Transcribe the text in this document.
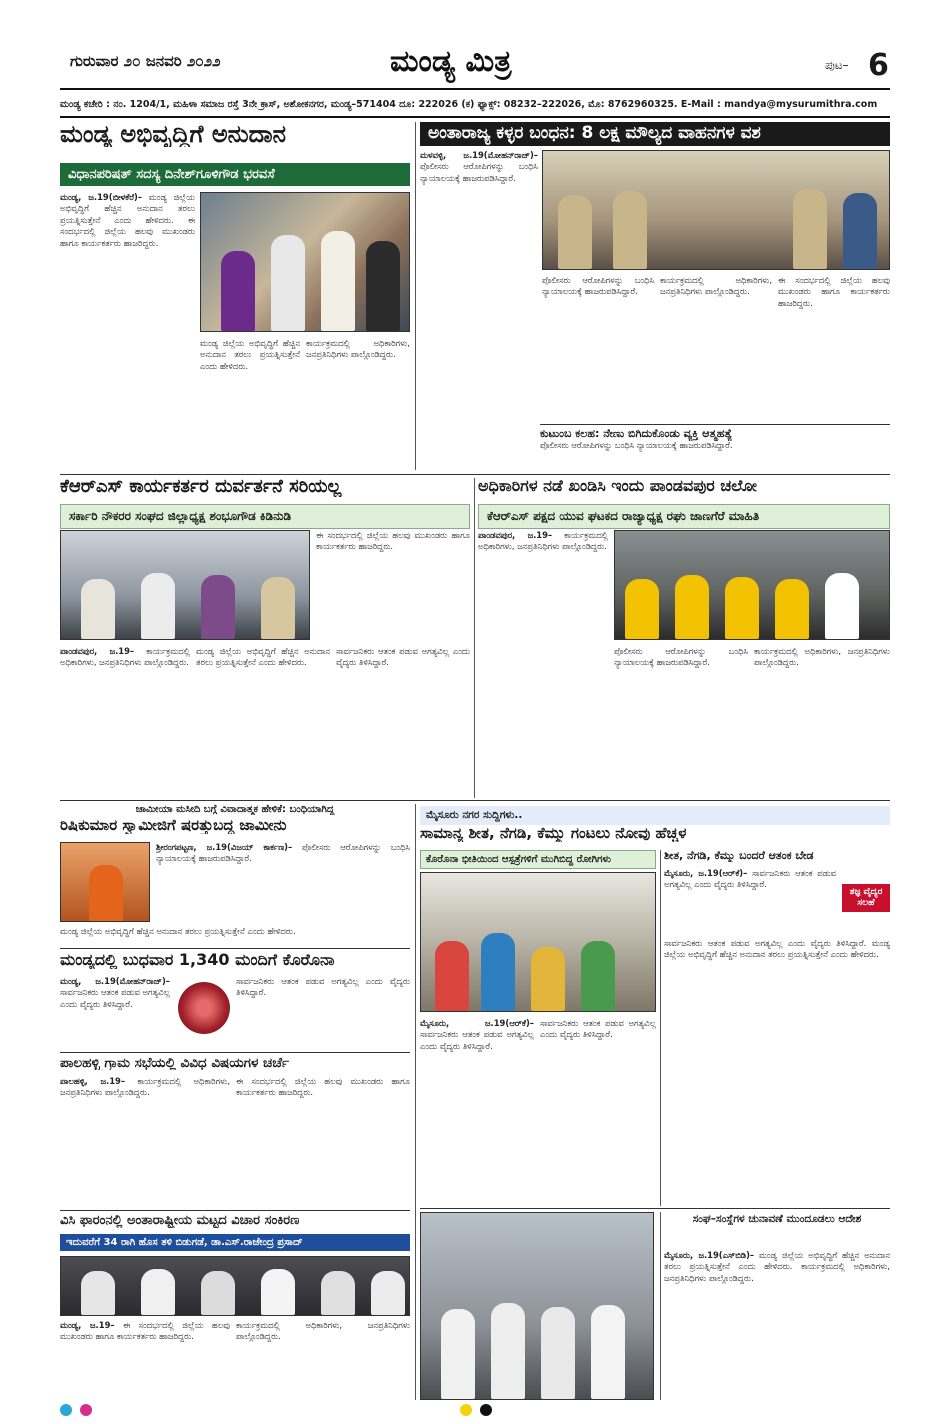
ಗುರುವಾರ ೨೦ ಜನವರಿ ೨೦೨೨	ಮಂಡ್ಯ ಮಿತ್ರ	ಪುಟ– 6
ಮಂಡ್ಯ ಕಚೇರಿ : ನಂ. 1204/1, ಮಹಿಳಾ ಸಮಾಜ ರಸ್ತೆ 3ನೇ ಕ್ರಾಸ್, ಅಶೋಕನಗರ, ಮಂಡ್ಯ–571404 ದೂ: 222026 (ಕ) ಫ್ಯಾಕ್ಸ್: 08232–222026, ಮೊ: 8762960325. E-Mail : mandya@mysurumithra.com
ಮಂಡ್ಯ ಅಭಿವೃದ್ಧಿಗೆ ಅನುದಾನ
ವಿಧಾನಪರಿಷತ್ ಸದಸ್ಯ ದಿನೇಶ್‌ಗೂಳಿಗೌಡ ಭರವಸೆ
ಮಂಡ್ಯ, ಜ.19(ಬೀಳಕೆರೆ)– ಮಂಡ್ಯ ಜಿಲ್ಲೆಯ ಅಭಿವೃದ್ಧಿಗೆ ಹೆಚ್ಚಿನ ಅನುದಾನ ತರಲು ಪ್ರಯತ್ನಿಸುತ್ತೇನೆ ಎಂದು ಹೇಳಿದರು. ಈ ಸಂದರ್ಭದಲ್ಲಿ ಜಿಲ್ಲೆಯ ಹಲವು ಮುಖಂಡರು ಹಾಗೂ ಕಾರ್ಯಕರ್ತರು ಹಾಜರಿದ್ದರು.
ಮಂಡ್ಯ ಜಿಲ್ಲೆಯ ಅಭಿವೃದ್ಧಿಗೆ ಹೆಚ್ಚಿನ ಅನುದಾನ ತರಲು ಪ್ರಯತ್ನಿಸುತ್ತೇನೆ ಎಂದು ಹೇಳಿದರು.
ಕಾರ್ಯಕ್ರಮದಲ್ಲಿ ಅಧಿಕಾರಿಗಳು, ಜನಪ್ರತಿನಿಧಿಗಳು ಪಾಲ್ಗೊಂಡಿದ್ದರು.
ಅಂತಾರಾಜ್ಯ ಕಳ್ಳರ ಬಂಧನ: 8 ಲಕ್ಷ ಮೌಲ್ಯದ ವಾಹನಗಳ ವಶ
ಮಳವಳ್ಳಿ, ಜ.19(ಮೋಹನ್‌ರಾಜ್)– ಪೊಲೀಸರು ಆರೋಪಿಗಳನ್ನು ಬಂಧಿಸಿ ನ್ಯಾಯಾಲಯಕ್ಕೆ ಹಾಜರುಪಡಿಸಿದ್ದಾರೆ.
ಪೊಲೀಸರು ಆರೋಪಿಗಳನ್ನು ಬಂಧಿಸಿ ನ್ಯಾಯಾಲಯಕ್ಕೆ ಹಾಜರುಪಡಿಸಿದ್ದಾರೆ.
ಕಾರ್ಯಕ್ರಮದಲ್ಲಿ ಅಧಿಕಾರಿಗಳು, ಜನಪ್ರತಿನಿಧಿಗಳು ಪಾಲ್ಗೊಂಡಿದ್ದರು.
ಈ ಸಂದರ್ಭದಲ್ಲಿ ಜಿಲ್ಲೆಯ ಹಲವು ಮುಖಂಡರು ಹಾಗೂ ಕಾರ್ಯಕರ್ತರು ಹಾಜರಿದ್ದರು.
ಕುಟುಂಬ ಕಲಹ: ನೇಣು ಬಿಗಿದುಕೊಂಡು ವ್ಯಕ್ತಿ ಆತ್ಮಹತ್ಯೆ
ಪೊಲೀಸರು ಆರೋಪಿಗಳನ್ನು ಬಂಧಿಸಿ ನ್ಯಾಯಾಲಯಕ್ಕೆ ಹಾಜರುಪಡಿಸಿದ್ದಾರೆ.
ಕೆಆರ್‌ಎಸ್ ಕಾರ್ಯಕರ್ತರ ದುರ್ವರ್ತನೆ ಸರಿಯಲ್ಲ
ಸರ್ಕಾರಿ ನೌಕರರ ಸಂಘದ ಜಿಲ್ಲಾಧ್ಯಕ್ಷ ಶಂಭೂಗೌಡ ಕಿಡಿನುಡಿ
ಈ ಸಂದರ್ಭದಲ್ಲಿ ಜಿಲ್ಲೆಯ ಹಲವು ಮುಖಂಡರು ಹಾಗೂ ಕಾರ್ಯಕರ್ತರು ಹಾಜರಿದ್ದರು.
ಪಾಂಡವಪುರ, ಜ.19– ಕಾರ್ಯಕ್ರಮದಲ್ಲಿ ಅಧಿಕಾರಿಗಳು, ಜನಪ್ರತಿನಿಧಿಗಳು ಪಾಲ್ಗೊಂಡಿದ್ದರು.
ಮಂಡ್ಯ ಜಿಲ್ಲೆಯ ಅಭಿವೃದ್ಧಿಗೆ ಹೆಚ್ಚಿನ ಅನುದಾನ ತರಲು ಪ್ರಯತ್ನಿಸುತ್ತೇನೆ ಎಂದು ಹೇಳಿದರು.
ಸಾರ್ವಜನಿಕರು ಆತಂಕ ಪಡುವ ಅಗತ್ಯವಿಲ್ಲ ಎಂದು ವೈದ್ಯರು ತಿಳಿಸಿದ್ದಾರೆ.
ಅಧಿಕಾರಿಗಳ ನಡೆ ಖಂಡಿಸಿ ಇಂದು ಪಾಂಡವಪುರ ಚಲೋ
ಕೆಆರ್‌ಎಸ್ ಪಕ್ಷದ ಯುವ ಘಟಕದ ರಾಜ್ಯಾಧ್ಯಕ್ಷ ರಘು ಜಾಣಗೆರೆ ಮಾಹಿತಿ
ಪಾಂಡವಪುರ, ಜ.19– ಕಾರ್ಯಕ್ರಮದಲ್ಲಿ ಅಧಿಕಾರಿಗಳು, ಜನಪ್ರತಿನಿಧಿಗಳು ಪಾಲ್ಗೊಂಡಿದ್ದರು.
ಪೊಲೀಸರು ಆರೋಪಿಗಳನ್ನು ಬಂಧಿಸಿ ನ್ಯಾಯಾಲಯಕ್ಕೆ ಹಾಜರುಪಡಿಸಿದ್ದಾರೆ.
ಕಾರ್ಯಕ್ರಮದಲ್ಲಿ ಅಧಿಕಾರಿಗಳು, ಜನಪ್ರತಿನಿಧಿಗಳು ಪಾಲ್ಗೊಂಡಿದ್ದರು.
ಜಾಮೀಯಾ ಮಸೀದಿ ಬಗ್ಗೆ ವಿವಾದಾತ್ಮಕ ಹೇಳಿಕೆ: ಬಂಧಿಯಾಗಿದ್ದ
ರಿಷಿಕುಮಾರ ಸ್ವಾಮೀಜಿಗೆ ಷರತ್ತುಬದ್ಧ ಜಾಮೀನು
ಶ್ರೀರಂಗಪಟ್ಟಣ, ಜ.19(ವಿಜಯ್ ಕಾರ್ಕಣ)– ಪೊಲೀಸರು ಆರೋಪಿಗಳನ್ನು ಬಂಧಿಸಿ ನ್ಯಾಯಾಲಯಕ್ಕೆ ಹಾಜರುಪಡಿಸಿದ್ದಾರೆ.
ಮಂಡ್ಯ ಜಿಲ್ಲೆಯ ಅಭಿವೃದ್ಧಿಗೆ ಹೆಚ್ಚಿನ ಅನುದಾನ ತರಲು ಪ್ರಯತ್ನಿಸುತ್ತೇನೆ ಎಂದು ಹೇಳಿದರು.
ಮಂಡ್ಯದಲ್ಲಿ ಬುಧವಾರ 1,340 ಮಂದಿಗೆ ಕೊರೊನಾ
ಮಂಡ್ಯ, ಜ.19(ಮೋಹನ್‌ರಾಜ್)– ಸಾರ್ವಜನಿಕರು ಆತಂಕ ಪಡುವ ಅಗತ್ಯವಿಲ್ಲ ಎಂದು ವೈದ್ಯರು ತಿಳಿಸಿದ್ದಾರೆ.
ಸಾರ್ವಜನಿಕರು ಆತಂಕ ಪಡುವ ಅಗತ್ಯವಿಲ್ಲ ಎಂದು ವೈದ್ಯರು ತಿಳಿಸಿದ್ದಾರೆ.
ಪಾಲಹಳ್ಳಿ ಗ್ರಾಮ ಸಭೆಯಲ್ಲಿ ವಿವಿಧ ವಿಷಯಗಳ ಚರ್ಚೆ
ಪಾಲಹಳ್ಳಿ, ಜ.19– ಕಾರ್ಯಕ್ರಮದಲ್ಲಿ ಅಧಿಕಾರಿಗಳು, ಜನಪ್ರತಿನಿಧಿಗಳು ಪಾಲ್ಗೊಂಡಿದ್ದರು.
ಈ ಸಂದರ್ಭದಲ್ಲಿ ಜಿಲ್ಲೆಯ ಹಲವು ಮುಖಂಡರು ಹಾಗೂ ಕಾರ್ಯಕರ್ತರು ಹಾಜರಿದ್ದರು.
ಮೈಸೂರು ನಗರ ಸುದ್ದಿಗಳು..
ಸಾಮಾನ್ಯ ಶೀತ, ನೆಗಡಿ, ಕೆಮ್ಮು ಗಂಟಲು ನೋವು ಹೆಚ್ಚಳ
ಕೊರೊನಾ ಭೀತಿಯಿಂದ ಆಸ್ಪತ್ರೆಗಳಿಗೆ ಮುಗಿಬಿದ್ದ ರೋಗಿಗಳು
ಮೈಸೂರು, ಜ.19(ಆರ್‌ಕೆ)– ಸಾರ್ವಜನಿಕರು ಆತಂಕ ಪಡುವ ಅಗತ್ಯವಿಲ್ಲ ಎಂದು ವೈದ್ಯರು ತಿಳಿಸಿದ್ದಾರೆ.
ಸಾರ್ವಜನಿಕರು ಆತಂಕ ಪಡುವ ಅಗತ್ಯವಿಲ್ಲ ಎಂದು ವೈದ್ಯರು ತಿಳಿಸಿದ್ದಾರೆ.
ಶೀತ, ನೆಗಡಿ, ಕೆಮ್ಮು ಬಂದರೆ ಆತಂಕ ಬೇಡ
ಮೈಸೂರು, ಜ.19(ಆರ್‌ಕೆ)– ಸಾರ್ವಜನಿಕರು ಆತಂಕ ಪಡುವ ಅಗತ್ಯವಿಲ್ಲ ಎಂದು ವೈದ್ಯರು ತಿಳಿಸಿದ್ದಾರೆ.
ತಜ್ಞ ವೈದ್ಯರ ಸಲಹೆ
ಸಾರ್ವಜನಿಕರು ಆತಂಕ ಪಡುವ ಅಗತ್ಯವಿಲ್ಲ ಎಂದು ವೈದ್ಯರು ತಿಳಿಸಿದ್ದಾರೆ. ಮಂಡ್ಯ ಜಿಲ್ಲೆಯ ಅಭಿವೃದ್ಧಿಗೆ ಹೆಚ್ಚಿನ ಅನುದಾನ ತರಲು ಪ್ರಯತ್ನಿಸುತ್ತೇನೆ ಎಂದು ಹೇಳಿದರು.
ವಿಸಿ ಫಾರಂನಲ್ಲಿ ಅಂತಾರಾಷ್ಟ್ರೀಯ ಮಟ್ಟದ ವಿಚಾರ ಸಂಕಿರಣ
ಇದುವರೆಗೆ 34 ರಾಗಿ ಹೊಸ ತಳಿ ಬಿಡುಗಡೆ, ಡಾ.ಎಸ್.ರಾಜೇಂದ್ರ ಪ್ರಸಾದ್
ಮಂಡ್ಯ, ಜ.19– ಈ ಸಂದರ್ಭದಲ್ಲಿ ಜಿಲ್ಲೆಯ ಹಲವು ಮುಖಂಡರು ಹಾಗೂ ಕಾರ್ಯಕರ್ತರು ಹಾಜರಿದ್ದರು.
ಕಾರ್ಯಕ್ರಮದಲ್ಲಿ ಅಧಿಕಾರಿಗಳು, ಜನಪ್ರತಿನಿಧಿಗಳು ಪಾಲ್ಗೊಂಡಿದ್ದರು.
ಸಂಘ–ಸಂಸ್ಥೆಗಳ ಚುನಾವಣೆ ಮುಂದೂಡಲು ಆದೇಶ
ಮೈಸೂರು, ಜ.19(ಎಸ್‌ಬಿಡಿ)– ಮಂಡ್ಯ ಜಿಲ್ಲೆಯ ಅಭಿವೃದ್ಧಿಗೆ ಹೆಚ್ಚಿನ ಅನುದಾನ ತರಲು ಪ್ರಯತ್ನಿಸುತ್ತೇನೆ ಎಂದು ಹೇಳಿದರು. ಕಾರ್ಯಕ್ರಮದಲ್ಲಿ ಅಧಿಕಾರಿಗಳು, ಜನಪ್ರತಿನಿಧಿಗಳು ಪಾಲ್ಗೊಂಡಿದ್ದರು.
